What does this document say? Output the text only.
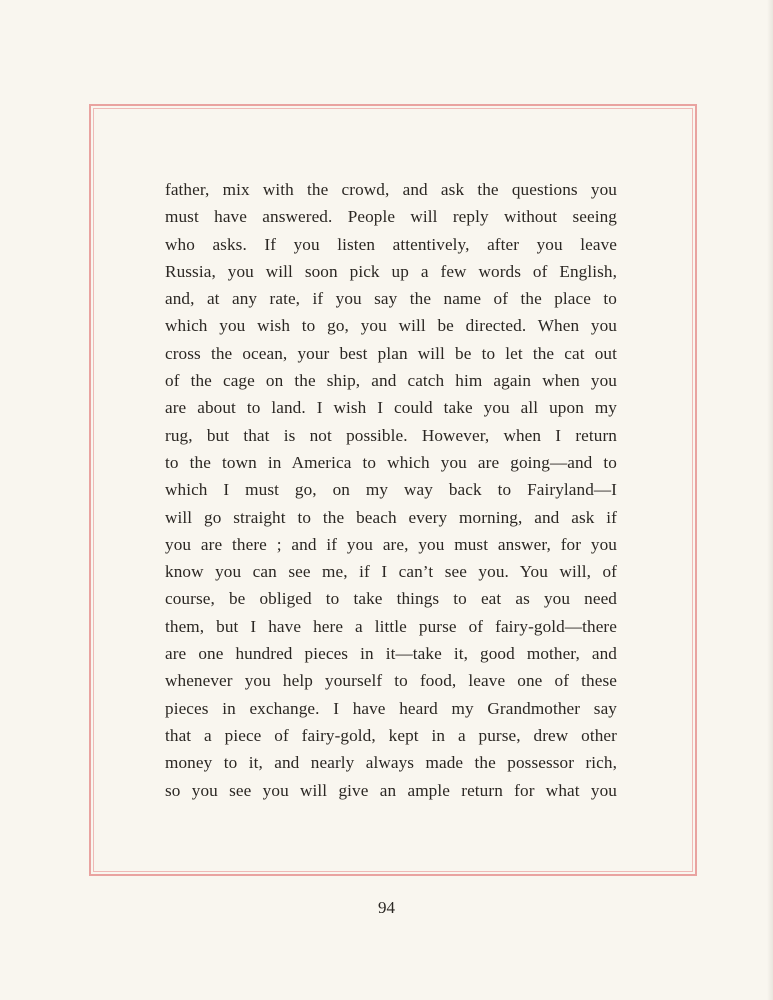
father, mix with the crowd, and ask the questions you
must have answered. People will reply without seeing
who asks. If you listen attentively, after you leave
Russia, you will soon pick up a few words of English,
and, at any rate, if you say the name of the place to
which you wish to go, you will be directed. When you
cross the ocean, your best plan will be to let the cat out
of the cage on the ship, and catch him again when you
are about to land. I wish I could take you all upon my
rug, but that is not possible. However, when I return
to the town in America to which you are going—and to
which I must go, on my way back to Fairyland—I
will go straight to the beach every morning, and ask if
you are there ; and if you are, you must answer, for you
know you can see me, if I can’t see you. You will, of
course, be obliged to take things to eat as you need
them, but I have here a little purse of fairy-gold—there
are one hundred pieces in it—take it, good mother, and
whenever you help yourself to food, leave one of these
pieces in exchange. I have heard my Grandmother say
that a piece of fairy-gold, kept in a purse, drew other
money to it, and nearly always made the possessor rich,
so you see you will give an ample return for what you
94
